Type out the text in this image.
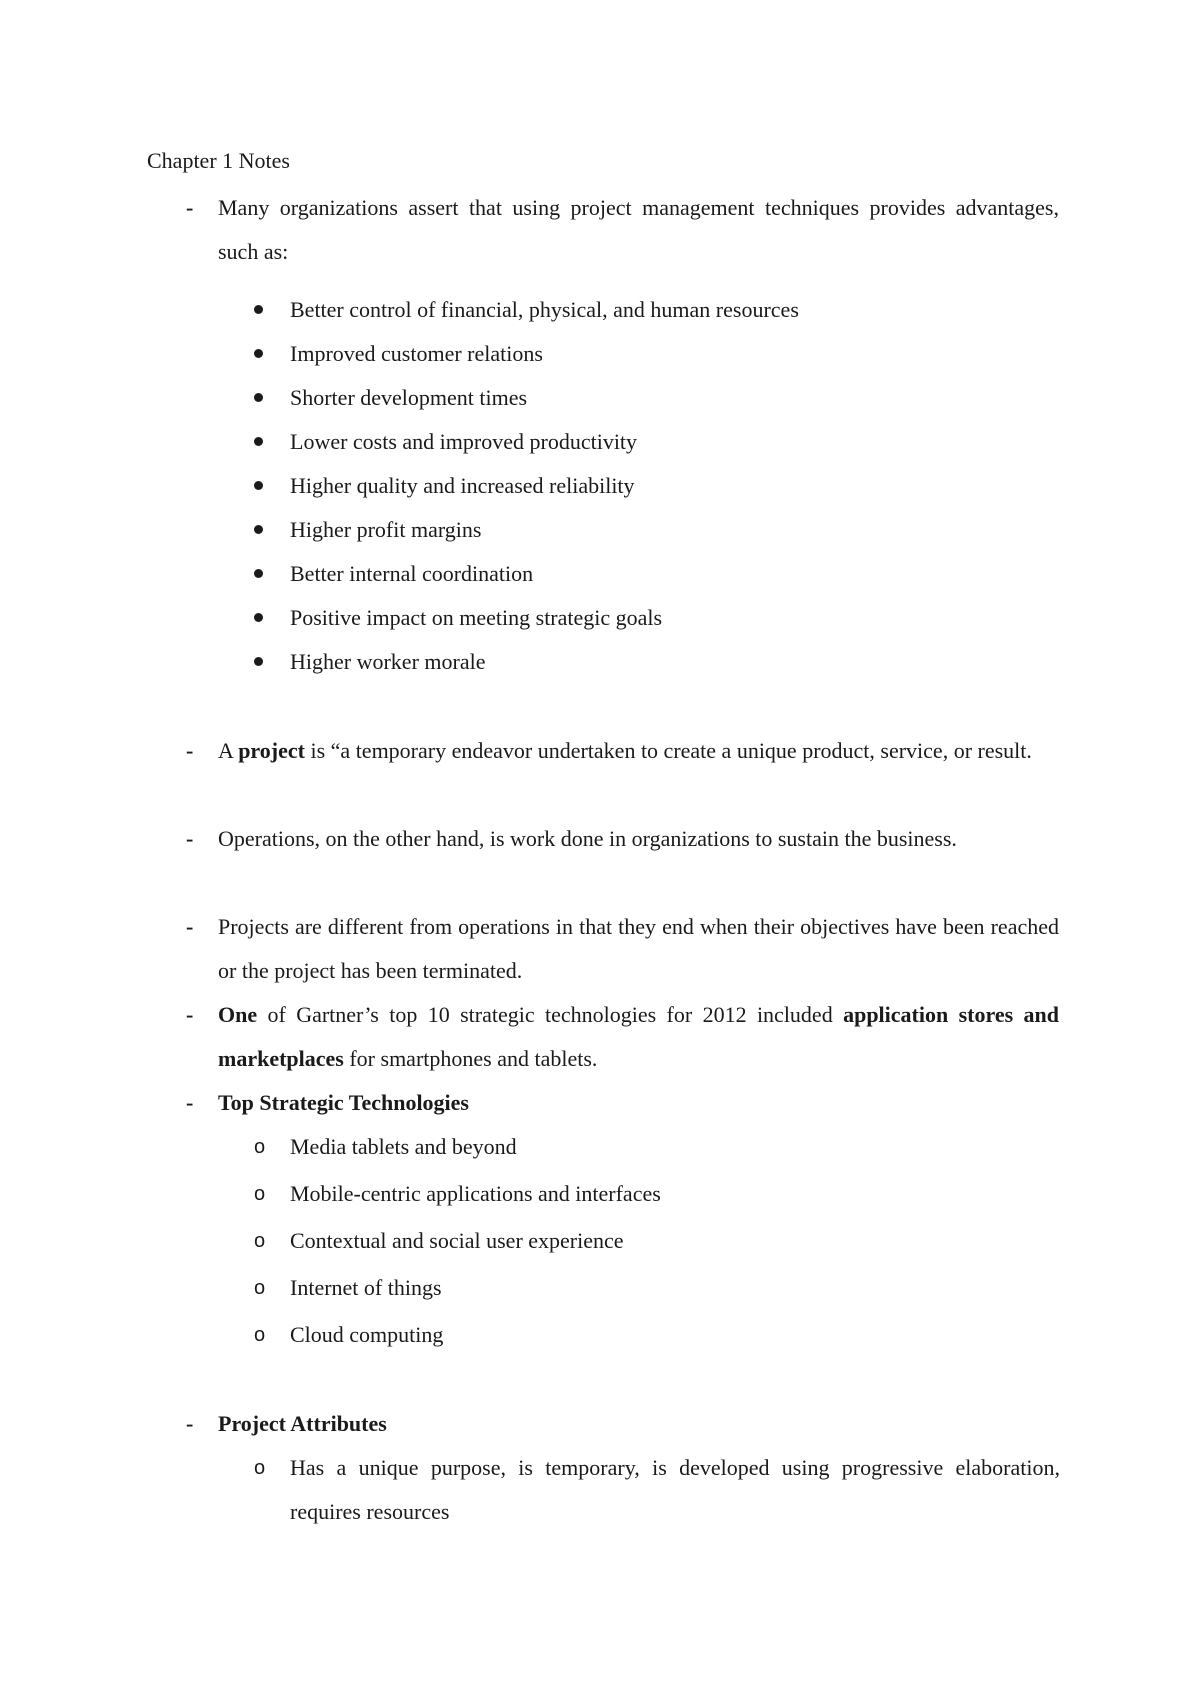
Chapter 1 Notes
- Many organizations assert that using project management techniques provides advantages, such as:
Better control of financial, physical, and human resources
Improved customer relations
Shorter development times
Lower costs and improved productivity
Higher quality and increased reliability
Higher profit margins
Better internal coordination
Positive impact on meeting strategic goals
Higher worker morale
- A project is “a temporary endeavor undertaken to create a unique product, service, or result.
- Operations, on the other hand, is work done in organizations to sustain the business.
- Projects are different from operations in that they end when their objectives have been reached or the project has been terminated.
- One of Gartner’s top 10 strategic technologies for 2012 included application stores and marketplaces for smartphones and tablets.
- Top Strategic Technologies
o Media tablets and beyond
o Mobile-centric applications and interfaces
o Contextual and social user experience
o Internet of things
o Cloud computing
- Project Attributes
o Has a unique purpose, is temporary, is developed using progressive elaboration, requires resources
